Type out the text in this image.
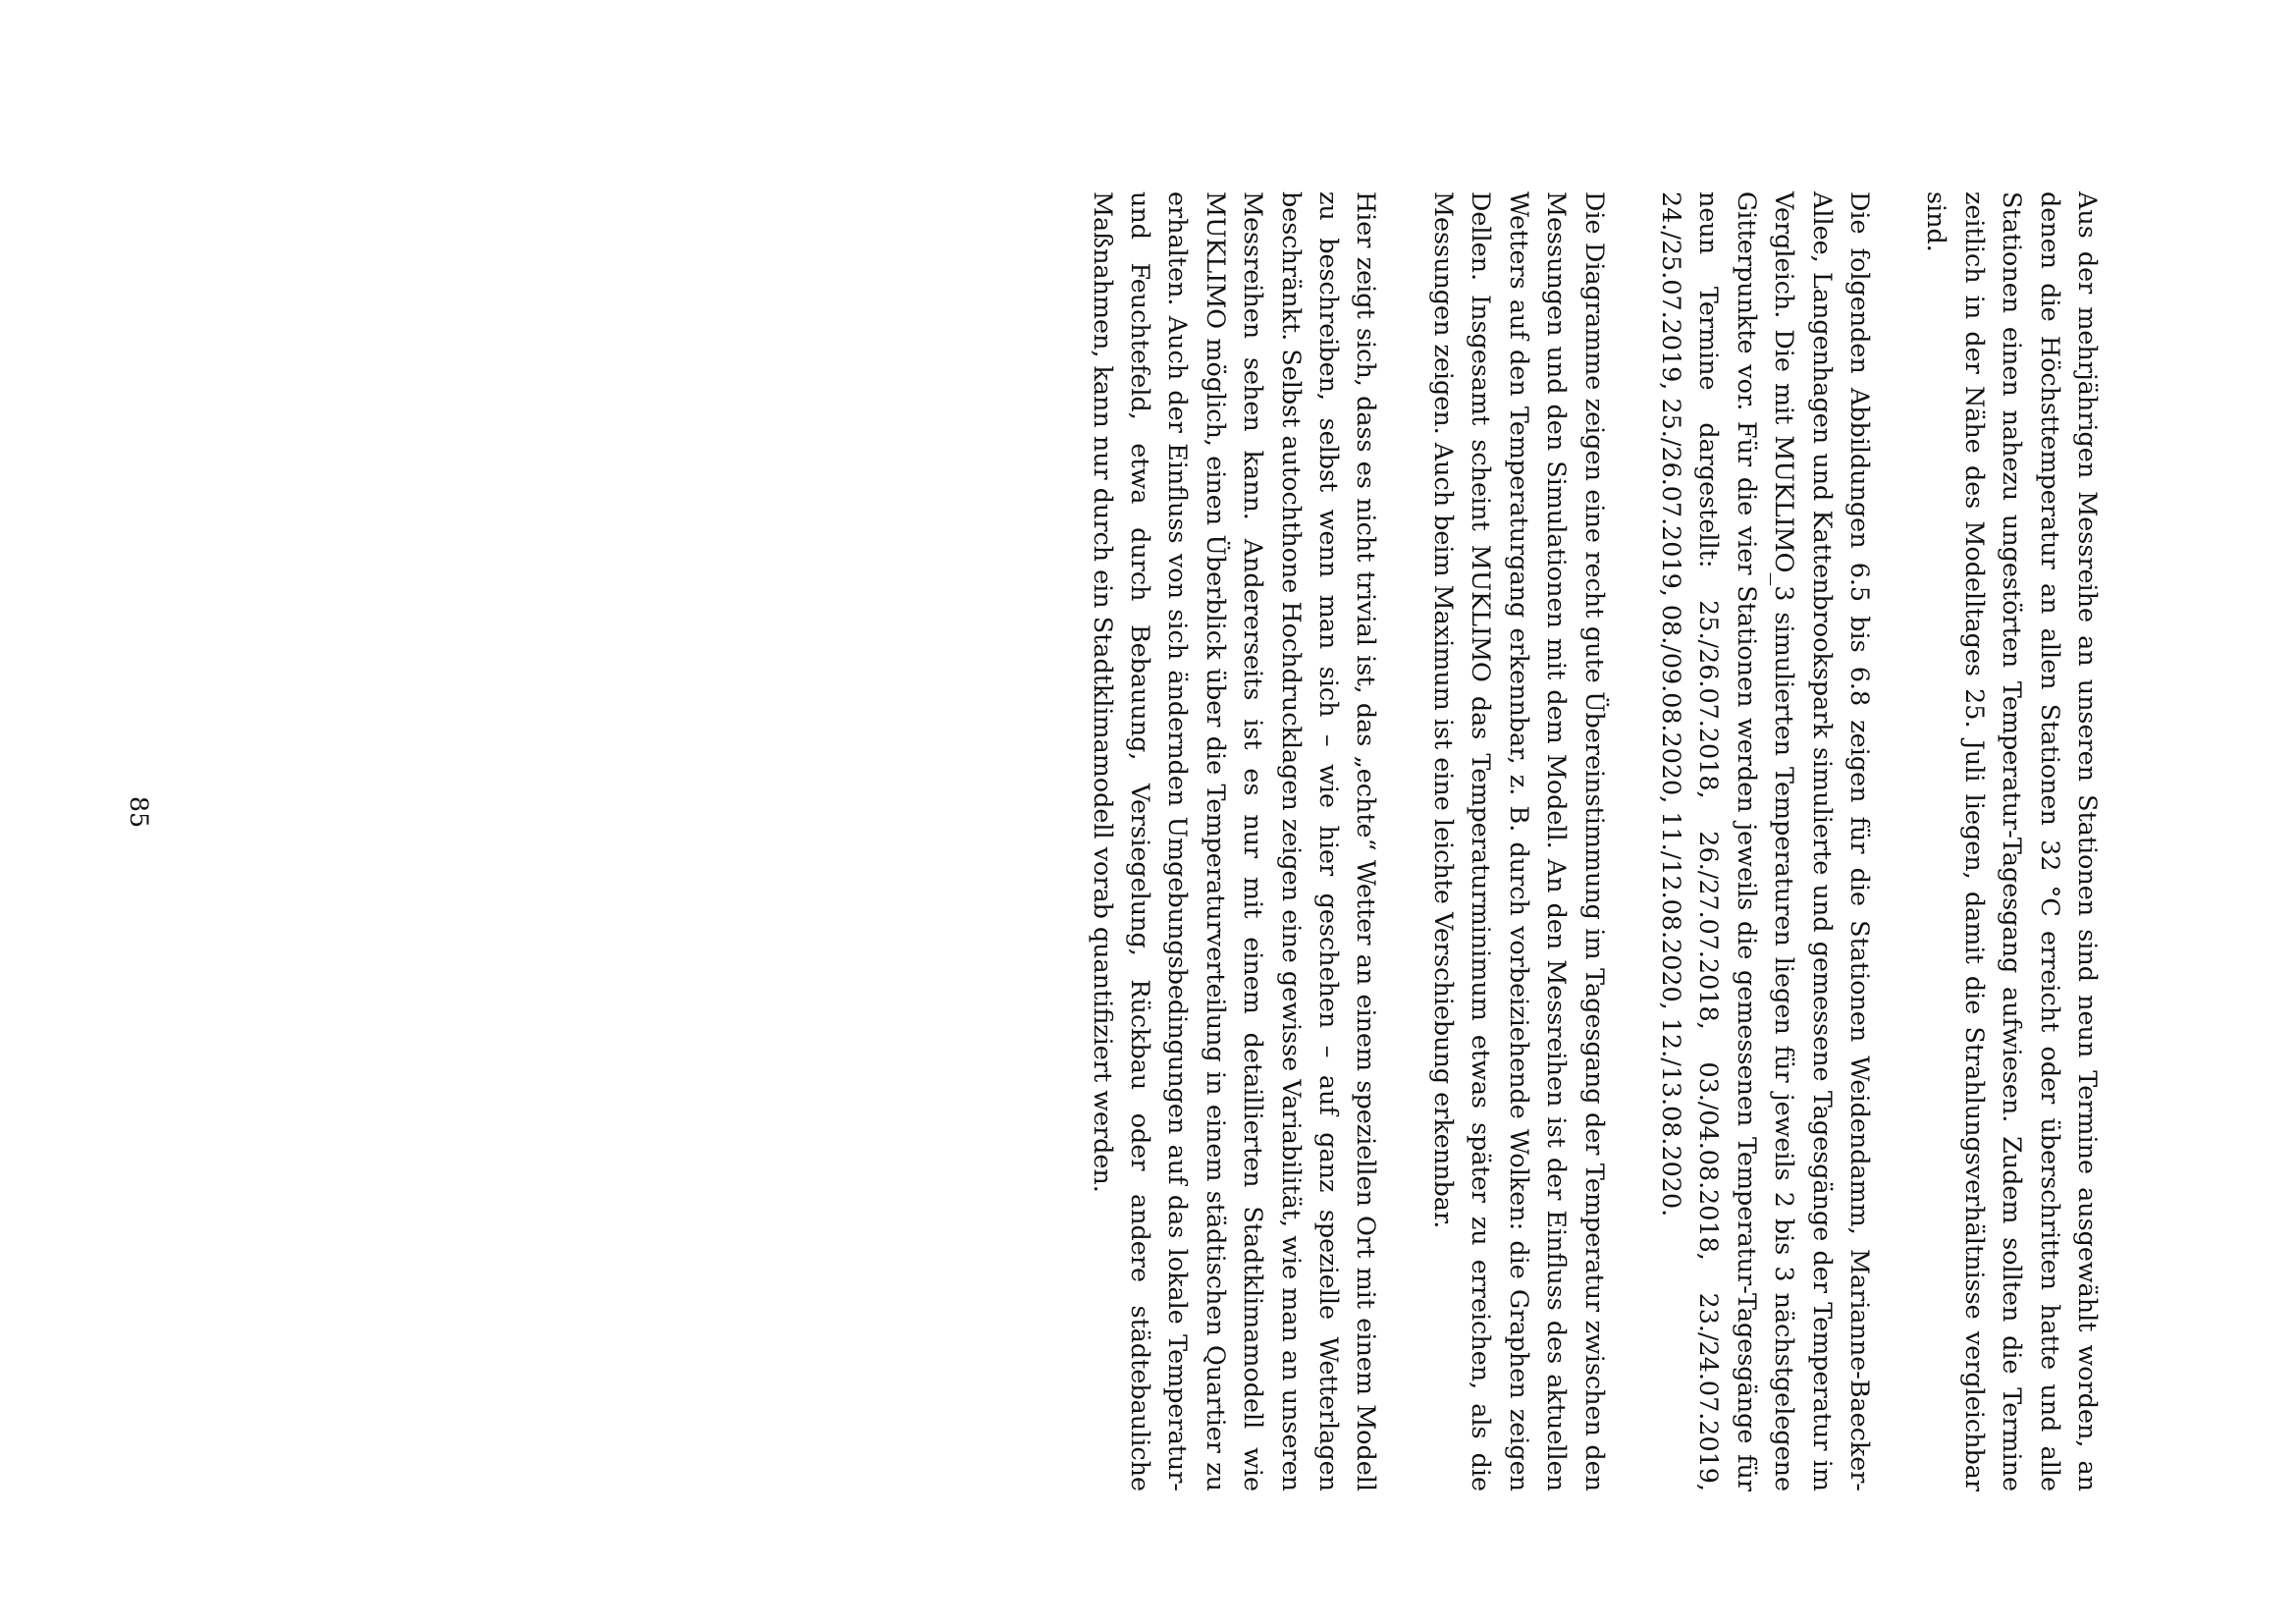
Aus der mehrjährigen Messreihe an unseren Stationen sind neun Termine ausgewählt worden, an denen die Höchsttemperatur an allen Stationen 32 °C erreicht oder überschritten hatte und alle Stationen einen nahezu ungestörten Temperatur-Tagesgang aufwiesen. Zudem sollten die Termine zeitlich in der Nähe des Modelltages 25. Juli liegen, damit die Strahlungsverhältnisse vergleichbar sind.

Die folgenden Abbildungen 6.5 bis 6.8 zeigen für die Stationen Weidendamm, Marianne-Baecker-Allee, Langenhagen und Kattenbrookspark simulierte und gemessene Tagesgänge der Temperatur im Vergleich. Die mit MUKLIMO_3 simulierten Temperaturen liegen für jeweils 2 bis 3 nächstgelegene Gitterpunkte vor. Für die vier Stationen werden jeweils die gemessenen Temperatur-Tagesgänge für neun Termine dargestellt: 25./26.07.2018, 26./27.07.2018, 03./04.08.2018, 23./24.07.2019, 24./25.07.2019, 25./26.07.2019, 08./09.08.2020, 11./12.08.2020, 12./13.08.2020.

Die Diagramme zeigen eine recht gute Übereinstimmung im Tagesgang der Temperatur zwischen den Messungen und den Simulationen mit dem Modell. An den Messreihen ist der Einfluss des aktuellen Wetters auf den Temperaturgang erkennbar, z. B. durch vorbeiziehende Wolken: die Graphen zeigen Dellen. Insgesamt scheint MUKLIMO das Temperaturminimum etwas später zu erreichen, als die Messungen zeigen. Auch beim Maximum ist eine leichte Verschiebung erkennbar.

Hier zeigt sich, dass es nicht trivial ist, das „echte“ Wetter an einem speziellen Ort mit einem Modell zu beschreiben, selbst wenn man sich – wie hier geschehen – auf ganz spezielle Wetterlagen beschränkt. Selbst autochthone Hochdrucklagen zeigen eine gewisse Variabilität, wie man an unseren Messreihen sehen kann. Andererseits ist es nur mit einem detaillierten Stadtklimamodell wie MUKLIMO möglich, einen Überblick über die Temperaturverteilung in einem städtischen Quartier zu erhalten. Auch der Einfluss von sich ändernden Umgebungsbedingungen auf das lokale Temperatur- und Feuchtefeld, etwa durch Bebauung, Versiegelung, Rückbau oder andere städtebauliche Maßnahmen, kann nur durch ein Stadtklimamodell vorab quantifiziert werden.

85
